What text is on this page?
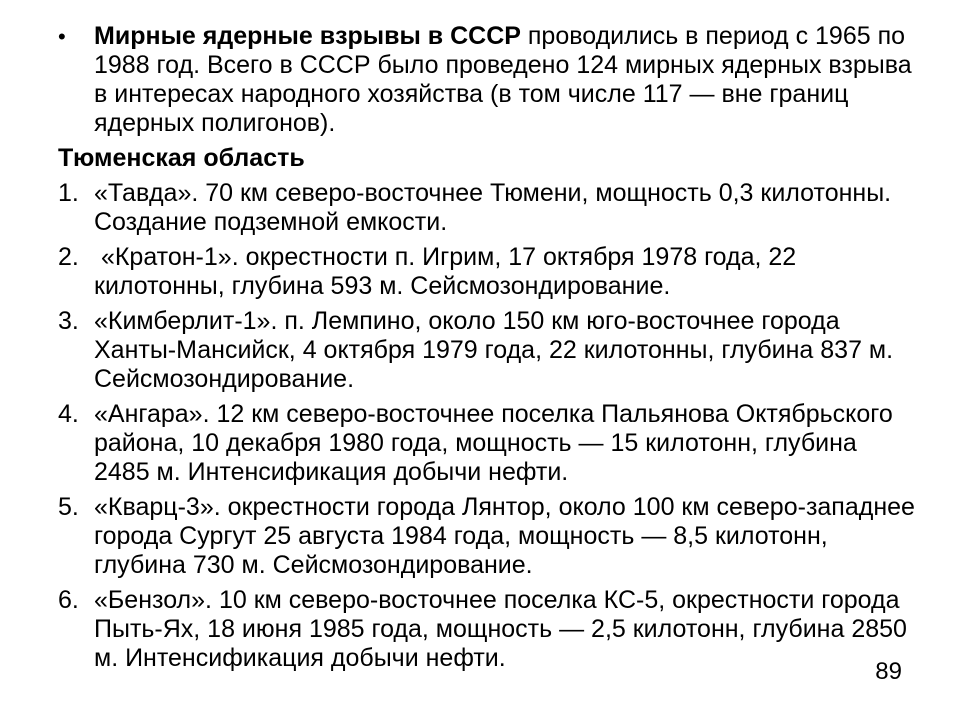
•	Мирные ядерные взрывы в СССР проводились в период с 1965 по 1988 год. Всего в СССР было проведено 124 мирных ядерных взрыва в интересах народного хозяйства (в том числе 117 — вне границ ядерных полигонов).
Тюменская область
1. «Тавда». 70 км северо-восточнее Тюмени, мощность 0,3 килотонны. Создание подземной емкости.
2. «Кратон-1». окрестности п. Игрим, 17 октября 1978 года, 22 килотонны, глубина 593 м. Сейсмозондирование.
3. «Кимберлит-1». п. Лемпино, около 150 км юго-восточнее города Ханты-Мансийск, 4 октября 1979 года, 22 килотонны, глубина 837 м. Сейсмозондирование.
4. «Ангара». 12 км северо-восточнее поселка Пальянова Октябрьского района, 10 декабря 1980 года, мощность — 15 килотонн, глубина 2485 м. Интенсификация добычи нефти.
5. «Кварц-3». окрестности города Лянтор, около 100 км северо-западнее города Сургут 25 августа 1984 года, мощность — 8,5 килотонн, глубина 730 м. Сейсмозондирование.
6. «Бензол». 10 км северо-восточнее поселка КС-5, окрестности города Пыть-Ях, 18 июня 1985 года, мощность — 2,5 килотонн, глубина 2850 м. Интенсификация добычи нефти.	89
